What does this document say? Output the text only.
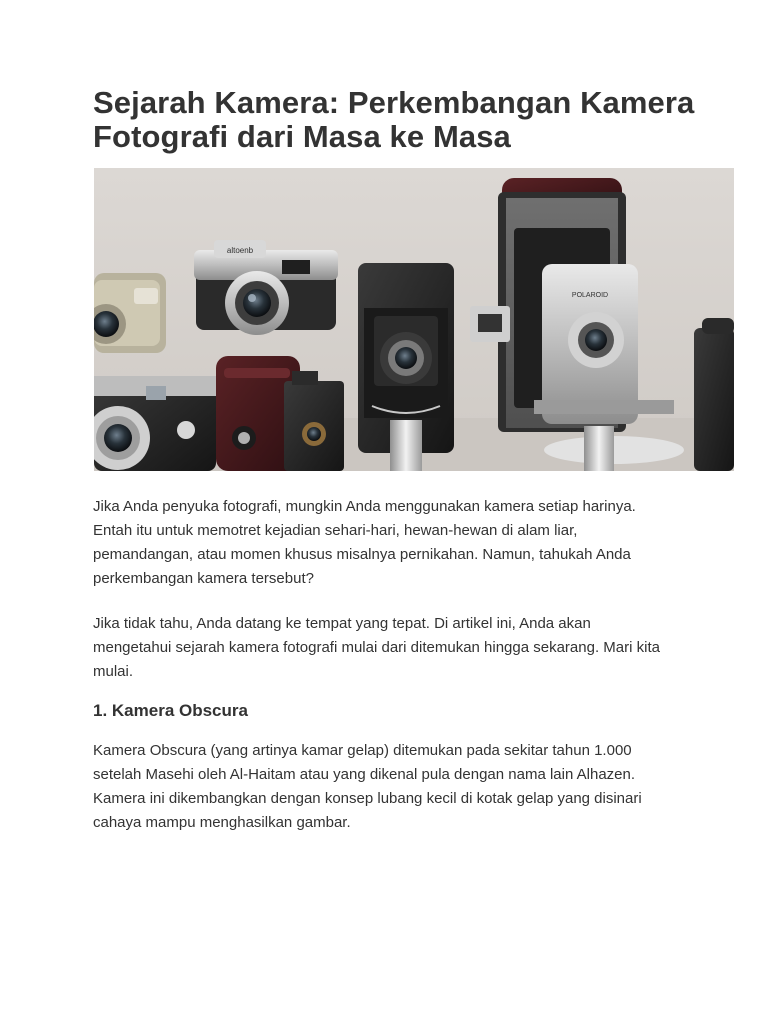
Sejarah Kamera: Perkembangan Kamera Fotografi dari Masa ke Masa
altoenb
POLAROID

Jika Anda penyuka fotografi, mungkin Anda menggunakan kamera setiap harinya. Entah itu untuk memotret kejadian sehari-hari, hewan-hewan di alam liar, pemandangan, atau momen khusus misalnya pernikahan. Namun, tahukah Anda perkembangan kamera tersebut?

Jika tidak tahu, Anda datang ke tempat yang tepat. Di artikel ini, Anda akan mengetahui sejarah kamera fotografi mulai dari ditemukan hingga sekarang. Mari kita mulai.

1. Kamera Obscura

Kamera Obscura (yang artinya kamar gelap) ditemukan pada sekitar tahun 1.000 setelah Masehi oleh Al-Haitam atau yang dikenal pula dengan nama lain Alhazen. Kamera ini dikembangkan dengan konsep lubang kecil di kotak gelap yang disinari cahaya mampu menghasilkan gambar.
